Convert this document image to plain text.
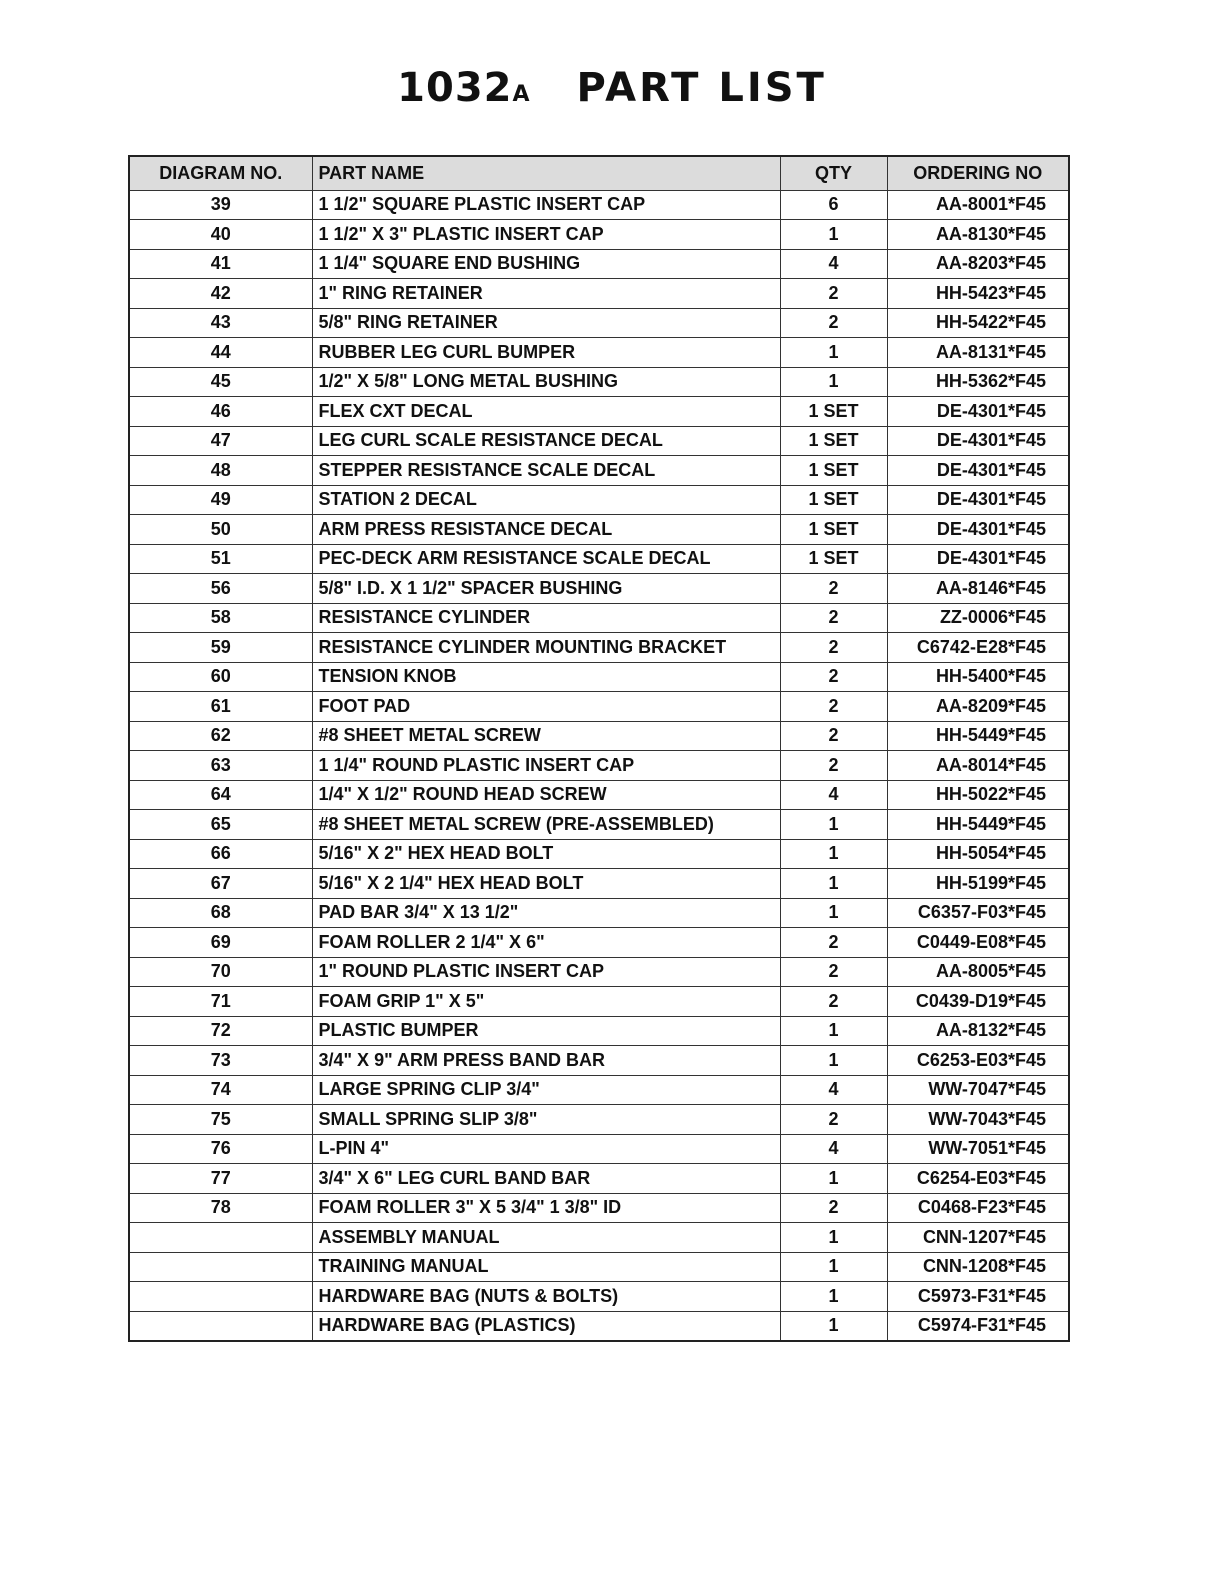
1032A PART LIST
DIAGRAM NO.	PART NAME	QTY	ORDERING NO
39	1 1/2" SQUARE PLASTIC INSERT CAP	6	AA-8001*F45
40	1 1/2" X 3" PLASTIC INSERT CAP	1	AA-8130*F45
41	1 1/4" SQUARE END BUSHING	4	AA-8203*F45
42	1" RING RETAINER	2	HH-5423*F45
43	5/8" RING RETAINER	2	HH-5422*F45
44	RUBBER LEG CURL BUMPER	1	AA-8131*F45
45	1/2" X 5/8" LONG METAL BUSHING	1	HH-5362*F45
46	FLEX CXT DECAL	1 SET	DE-4301*F45
47	LEG CURL SCALE RESISTANCE DECAL	1 SET	DE-4301*F45
48	STEPPER RESISTANCE SCALE DECAL	1 SET	DE-4301*F45
49	STATION 2 DECAL	1 SET	DE-4301*F45
50	ARM PRESS RESISTANCE DECAL	1 SET	DE-4301*F45
51	PEC-DECK ARM RESISTANCE SCALE DECAL	1 SET	DE-4301*F45
56	5/8" I.D. X 1 1/2" SPACER BUSHING	2	AA-8146*F45
58	RESISTANCE CYLINDER	2	ZZ-0006*F45
59	RESISTANCE CYLINDER MOUNTING BRACKET	2	C6742-E28*F45
60	TENSION KNOB	2	HH-5400*F45
61	FOOT PAD	2	AA-8209*F45
62	#8 SHEET METAL SCREW	2	HH-5449*F45
63	1 1/4" ROUND PLASTIC INSERT CAP	2	AA-8014*F45
64	1/4" X 1/2" ROUND HEAD SCREW	4	HH-5022*F45
65	#8 SHEET METAL SCREW (PRE-ASSEMBLED)	1	HH-5449*F45
66	5/16" X 2" HEX HEAD BOLT	1	HH-5054*F45
67	5/16" X 2 1/4" HEX HEAD BOLT	1	HH-5199*F45
68	PAD BAR 3/4" X 13 1/2"	1	C6357-F03*F45
69	FOAM ROLLER 2 1/4" X 6"	2	C0449-E08*F45
70	1" ROUND PLASTIC INSERT CAP	2	AA-8005*F45
71	FOAM GRIP 1" X 5"	2	C0439-D19*F45
72	PLASTIC BUMPER	1	AA-8132*F45
73	3/4" X 9" ARM PRESS BAND BAR	1	C6253-E03*F45
74	LARGE SPRING CLIP 3/4"	4	WW-7047*F45
75	SMALL SPRING SLIP 3/8"	2	WW-7043*F45
76	L-PIN 4"	4	WW-7051*F45
77	3/4" X 6" LEG CURL BAND BAR	1	C6254-E03*F45
78	FOAM ROLLER 3" X 5 3/4" 1 3/8" ID	2	C0468-F23*F45
	ASSEMBLY MANUAL	1	CNN-1207*F45
	TRAINING MANUAL	1	CNN-1208*F45
	HARDWARE BAG (NUTS & BOLTS)	1	C5973-F31*F45
	HARDWARE BAG (PLASTICS)	1	C5974-F31*F45
